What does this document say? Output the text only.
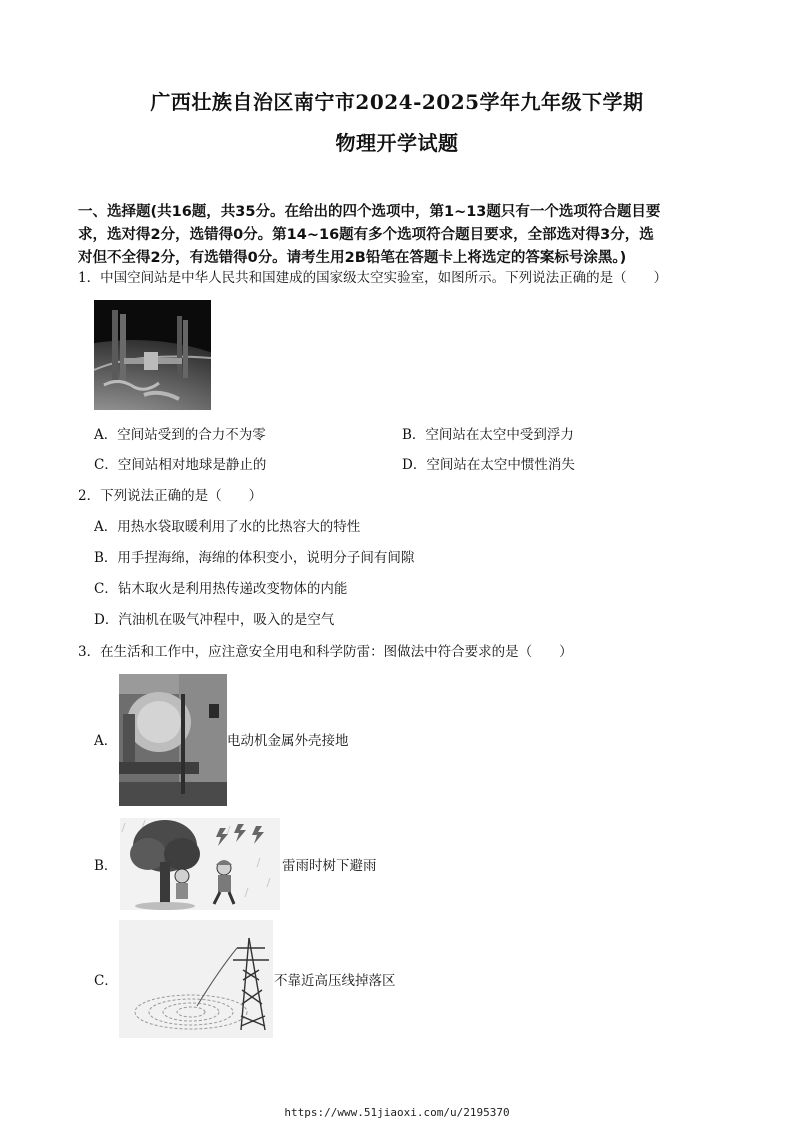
广西壮族自治区南宁市2024-2025学年九年级下学期
物理开学试题
一、选择题(共16题，共35分。在给出的四个选项中，第1~13题只有一个选项符合题目要
求，选对得2分，选错得0分。第14~16题有多个选项符合题目要求，全部选对得3分，选
对但不全得2分，有选错得0分。请考生用2B铅笔在答题卡上将选定的答案标号涂黑。)
1．中国空间站是中华人民共和国建成的国家级太空实验室，如图所示。下列说法正确的是（　　）
A．空间站受到的合力不为零	B．空间站在太空中受到浮力
C．空间站相对地球是静止的	D．空间站在太空中惯性消失
2．下列说法正确的是（　　）
A．用热水袋取暖利用了水的比热容大的特性
B．用手捏海绵，海绵的体积变小，说明分子间有间隙
C．钻木取火是利用热传递改变物体的内能
D．汽油机在吸气冲程中，吸入的是空气
3．在生活和工作中，应注意安全用电和科学防雷：图做法中符合要求的是（　　）
A．	电动机金属外壳接地
B．	雷雨时树下避雨
C．	不靠近高压线掉落区
https://www.51jiaoxi.com/u/2195370
